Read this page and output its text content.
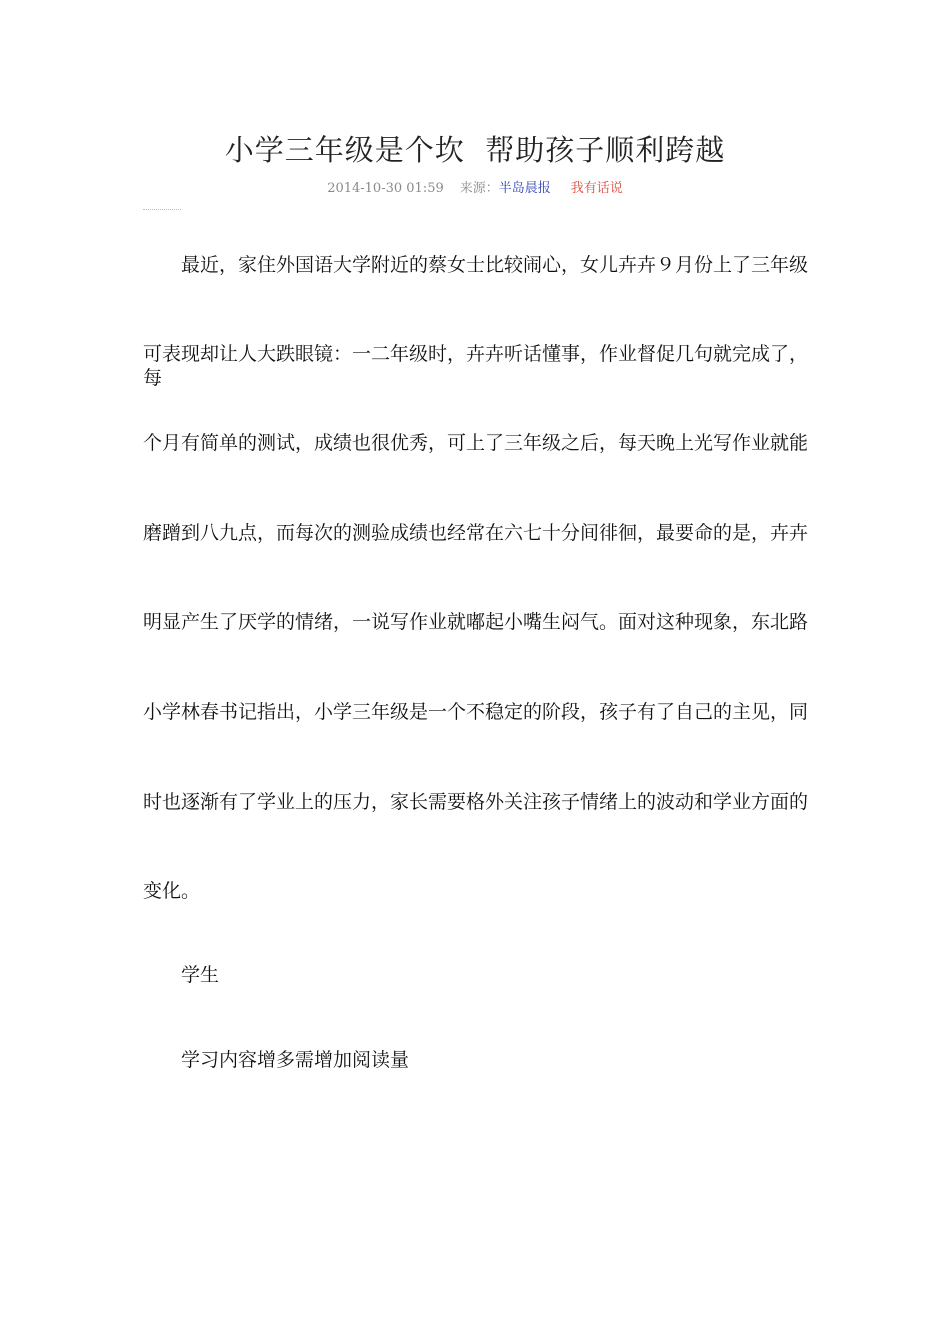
小学三年级是个坎  帮助孩子顺利跨越
2014-10-30 01:59 来源：半岛晨报 我有话说
最近，家住外国语大学附近的蔡女士比较闹心，女儿卉卉９月份上了三年级
可表现却让人大跌眼镜：一二年级时，卉卉听话懂事，作业督促几句就完成了，每
个月有简单的测试，成绩也很优秀，可上了三年级之后，每天晚上光写作业就能
磨蹭到八九点，而每次的测验成绩也经常在六七十分间徘徊，最要命的是，卉卉
明显产生了厌学的情绪，一说写作业就嘟起小嘴生闷气。面对这种现象，东北路
小学林春书记指出，小学三年级是一个不稳定的阶段，孩子有了自己的主见，同
时也逐渐有了学业上的压力，家长需要格外关注孩子情绪上的波动和学业方面的
变化。
学生
学习内容增多需增加阅读量
